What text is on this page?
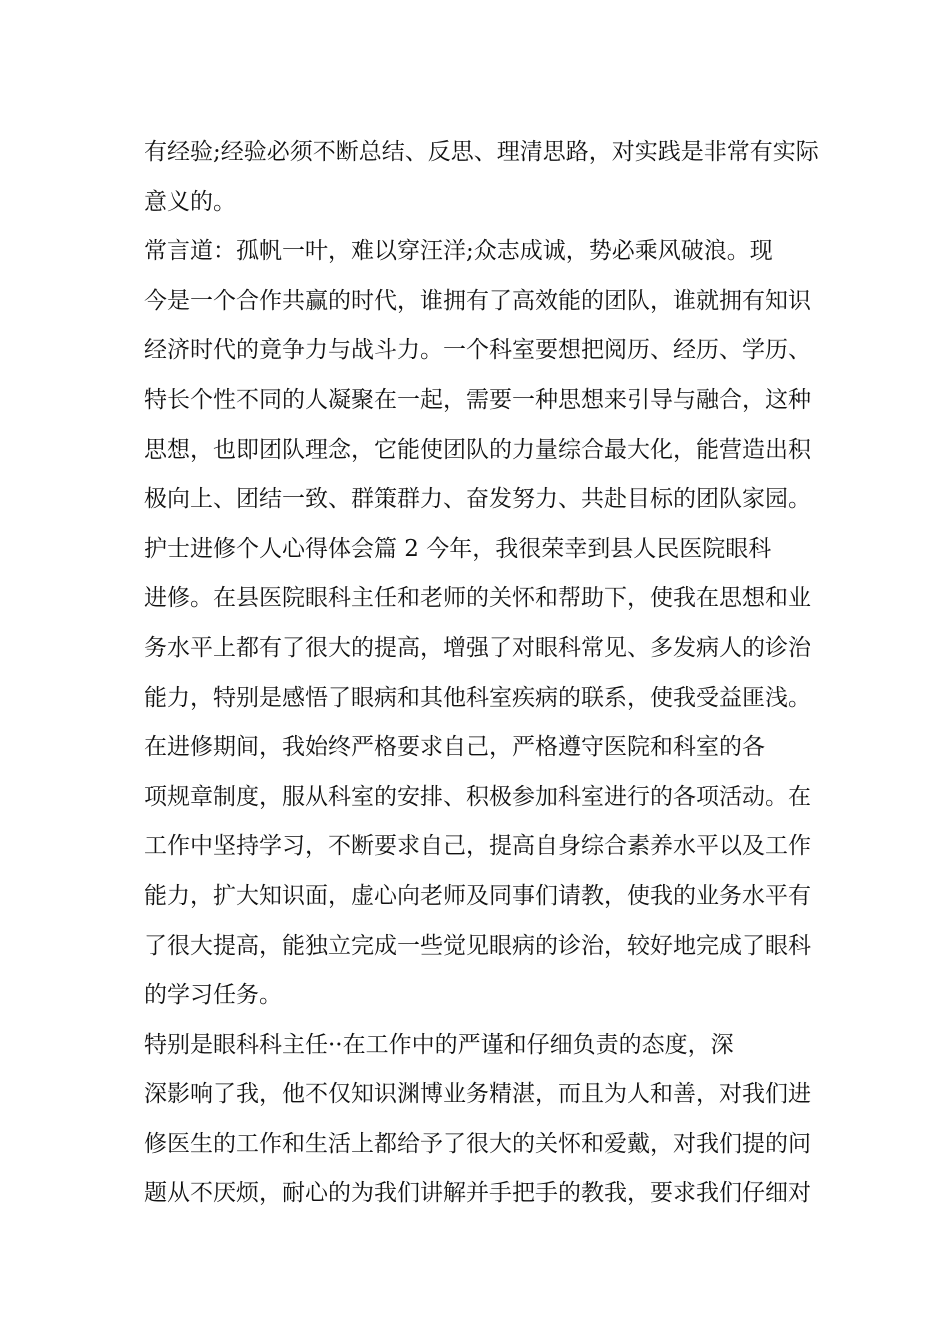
有经验;经验必须不断总结、反思、理清思路，对实践是非常有实际
意义的。
常言道：孤帆一叶，难以穿汪洋;众志成诚，势必乘风破浪。现
今是一个合作共赢的时代，谁拥有了高效能的团队，谁就拥有知识
经济时代的竟争力与战斗力。一个科室要想把阅历、经历、学历、
特长个性不同的人凝聚在一起，需要一种思想来引导与融合，这种
思想，也即团队理念，它能使团队的力量综合最大化，能营造出积
极向上、团结一致、群策群力、奋发努力、共赴目标的团队家园。
护士进修个人心得体会篇 2 今年，我很荣幸到县人民医院眼科
进修。在县医院眼科主任和老师的关怀和帮助下，使我在思想和业
务水平上都有了很大的提高，增强了对眼科常见、多发病人的诊治
能力，特别是感悟了眼病和其他科室疾病的联系，使我受益匪浅。
在进修期间，我始终严格要求自己，严格遵守医院和科室的各
项规章制度，服从科室的安排、积极参加科室进行的各项活动。在
工作中坚持学习，不断要求自己，提高自身综合素养水平以及工作
能力，扩大知识面，虚心向老师及同事们请教，使我的业务水平有
了很大提高，能独立完成一些觉见眼病的诊治，较好地完成了眼科
的学习任务。
特别是眼科科主任··在工作中的严谨和仔细负责的态度，深
深影响了我，他不仅知识渊博业务精湛，而且为人和善，对我们进
修医生的工作和生活上都给予了很大的关怀和爱戴，对我们提的问
题从不厌烦，耐心的为我们讲解并手把手的教我，要求我们仔细对
